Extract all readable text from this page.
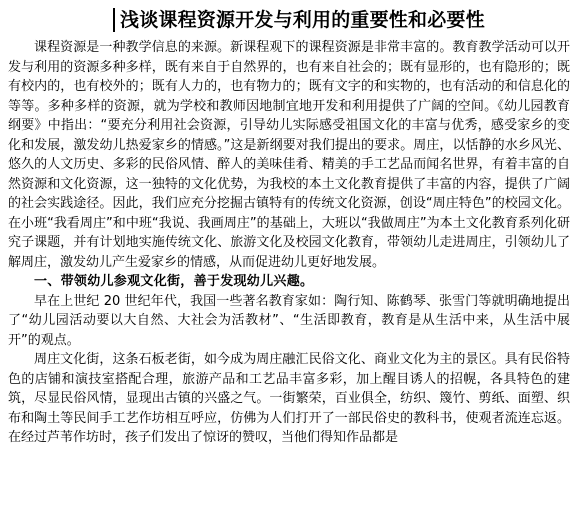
浅谈课程资源开发与利用的重要性和必要性

课程资源是一种教学信息的来源。新课程观下的课程资源是非常丰富的。教育教学活动可以开发与利用的资源多种多样，既有来自于自然界的，也有来自社会的；既有显形的，也有隐形的；既有校内的，也有校外的；既有人力的，也有物力的；既有文字的和实物的，也有活动的和信息化的等等。多种多样的资源，就为学校和教师因地制宜地开发和利用提供了广阔的空间。《幼儿园教育纲要》中指出：“要充分利用社会资源，引导幼儿实际感受祖国文化的丰富与优秀，感受家乡的变化和发展，激发幼儿热爱家乡的情感。”这是新纲要对我们提出的要求。周庄，以恬静的水乡风光、悠久的人文历史、多彩的民俗风情、醉人的美味佳肴、精美的手工艺品而闻名世界，有着丰富的自然资源和文化资源，这一独特的文化优势，为我校的本土文化教育提供了丰富的内容，提供了广阔的社会实践途径。因此，我们应充分挖掘古镇特有的传统文化资源，创设“周庄特色”的校园文化。在小班“我看周庄”和中班“我说、我画周庄”的基础上，大班以“我做周庄”为本土文化教育系列化研究子课题，并有计划地实施传统文化、旅游文化及校园文化教育，带领幼儿走进周庄，引领幼儿了解周庄，激发幼儿产生爱家乡的情感，从而促进幼儿更好地发展。

一、带领幼儿参观文化街，善于发现幼儿兴趣。

早在上世纪 20 世纪年代，我国一些著名教育家如：陶行知、陈鹤琴、张雪门等就明确地提出了“幼儿园活动要以大自然、大社会为活教材”、“生活即教育，教育是从生活中来，从生活中展开”的观点。

周庄文化街，这条石板老街，如今成为周庄融汇民俗文化、商业文化为主的景区。具有民俗特色的店铺和演技室搭配合理，旅游产品和工艺品丰富多彩，加上醒目诱人的招幌，各具特色的建筑，尽显民俗风情，显现出古镇的兴盛之气。一街繁荣，百业俱全，纺织、篾竹、剪纸、面塑、织布和陶土等民间手工艺作坊相互呼应，仿佛为人们打开了一部民俗史的教科书，使观者流连忘返。在经过芦苇作坊时，孩子们发出了惊讶的赞叹，当他们得知作品都是
